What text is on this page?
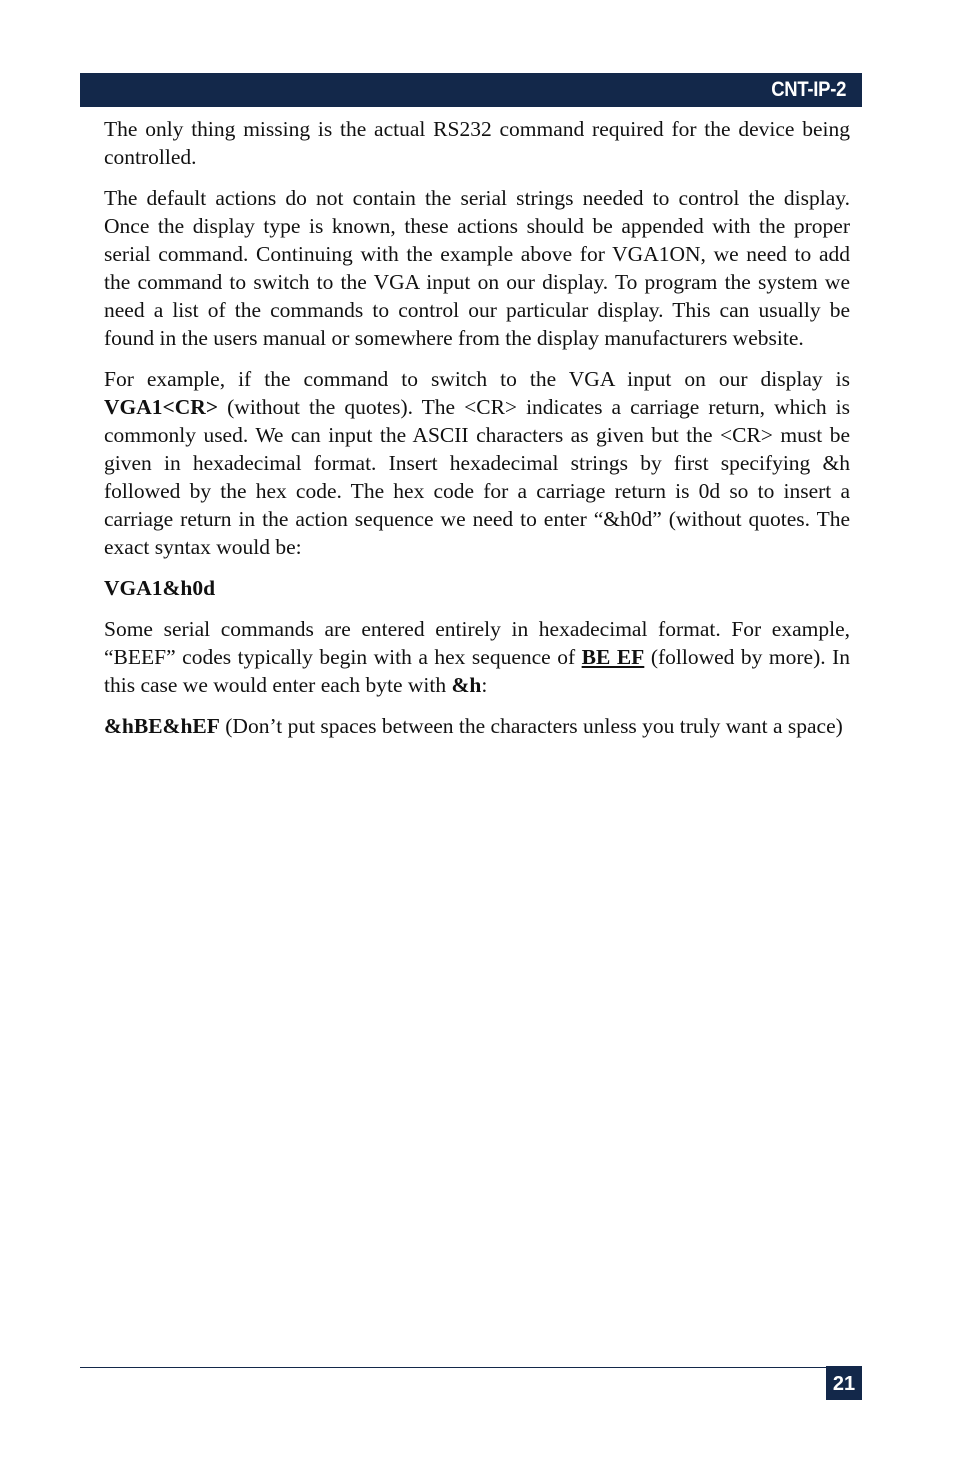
CNT-IP-2

The only thing missing is the actual RS232 command required for the device being controlled.

The default actions do not contain the serial strings needed to control the display. Once the display type is known, these actions should be appended with the proper serial command. Continuing with the example above for VGA1ON, we need to add the command to switch to the VGA input on our display. To program the system we need a list of the commands to control our particular display. This can usually be found in the users manual or somewhere from the display manufacturers website.

For example, if the command to switch to the VGA input on our display is VGA1<CR> (without the quotes). The <CR> indicates a carriage return, which is commonly used. We can input the ASCII characters as given but the <CR> must be given in hexadecimal format. Insert hexadecimal strings by first specifying &h followed by the hex code. The hex code for a carriage return is 0d so to insert a carriage return in the action sequence we need to enter “&h0d” (without quotes. The exact syntax would be:

VGA1&h0d

Some serial commands are entered entirely in hexadecimal format. For example, “BEEF” codes typically begin with a hex sequence of BE EF (followed by more). In this case we would enter each byte with &h:

&hBE&hEF (Don’t put spaces between the characters unless you truly want a space)

21
